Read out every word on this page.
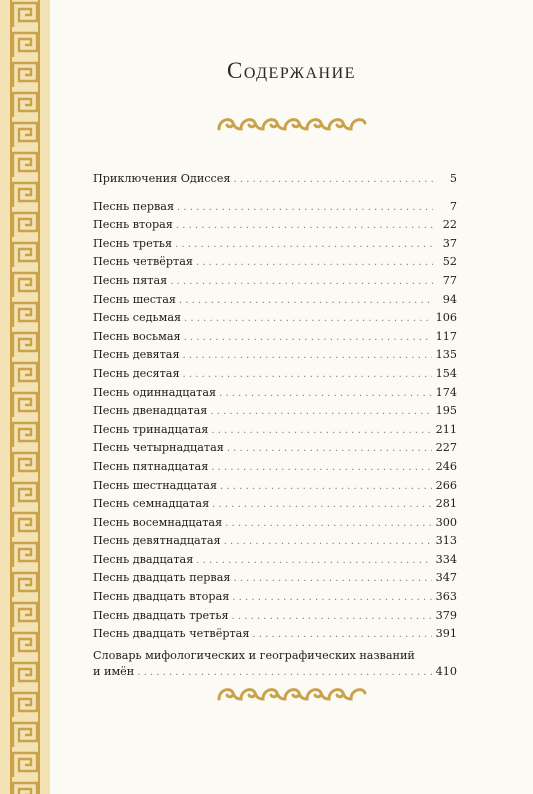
Содержание
Приключения Одиссея . . .	5
Песнь первая . . .	7
Песнь вторая . . .	22
Песнь третья . . .	37
Песнь четвёртая . . .	52
Песнь пятая . . .	77
Песнь шестая . . .	94
Песнь седьмая . . .	106
Песнь восьмая . . .	117
Песнь девятая . . .	135
Песнь десятая . . .	154
Песнь одиннадцатая . . .	174
Песнь двенадцатая . . .	195
Песнь тринадцатая . . .	211
Песнь четырнадцатая . . .	227
Песнь пятнадцатая . . .	246
Песнь шестнадцатая . . .	266
Песнь семнадцатая . . .	281
Песнь восемнадцатая . . .	300
Песнь девятнадцатая . . .	313
Песнь двадцатая . . .	334
Песнь двадцать первая . . .	347
Песнь двадцать вторая . . .	363
Песнь двадцать третья . . .	379
Песнь двадцать четвёртая . . .	391
Словарь мифологических и географических названий
и имён . . .	410
